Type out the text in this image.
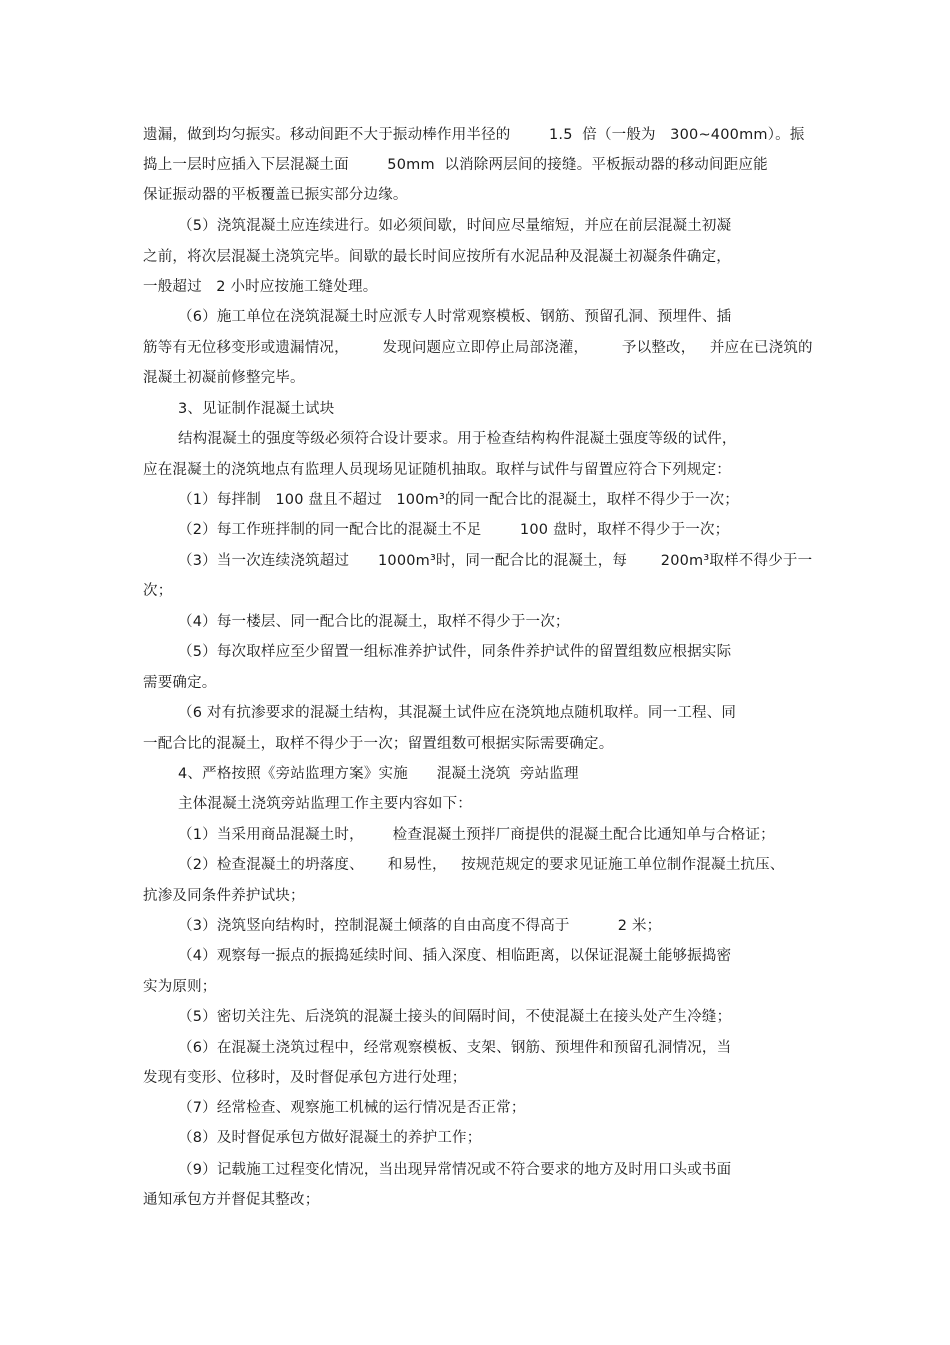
遗漏，做到均匀振实。移动间距不大于振动棒作用半径的        1.5  倍（一般为   300~400mm）。振
捣上一层时应插入下层混凝土面        50mm  以消除两层间的接缝。平板振动器的移动间距应能
保证振动器的平板覆盖已振实部分边缘。
（5）浇筑混凝土应连续进行。如必须间歇，时间应尽量缩短，并应在前层混凝土初凝
之前，将次层混凝土浇筑完毕。间歇的最长时间应按所有水泥品种及混凝土初凝条件确定，
一般超过   2 小时应按施工缝处理。
（6）施工单位在浇筑混凝土时应派专人时常观察模板、钢筋、预留孔洞、预埋件、插
筋等有无位移变形或遗漏情况，       发现问题应立即停止局部浇灌，       予以整改，   并应在已浇筑的
混凝土初凝前修整完毕。
3、见证制作混凝土试块
结构混凝土的强度等级必须符合设计要求。用于检查结构构件混凝土强度等级的试件，
应在混凝土的浇筑地点有监理人员现场见证随机抽取。取样与试件与留置应符合下列规定：
（1）每拌制   100 盘且不超过   100m³的同一配合比的混凝土，取样不得少于一次；
（2）每工作班拌制的同一配合比的混凝土不足        100 盘时，取样不得少于一次；
（3）当一次连续浇筑超过      1000m³时，同一配合比的混凝土，每       200m³取样不得少于一
次；
（4）每一楼层、同一配合比的混凝土，取样不得少于一次；
（5）每次取样应至少留置一组标准养护试件，同条件养护试件的留置组数应根据实际
需要确定。
（6 对有抗渗要求的混凝土结构，其混凝土试件应在浇筑地点随机取样。同一工程、同
一配合比的混凝土，取样不得少于一次；留置组数可根据实际需要确定。
4、严格按照《旁站监理方案》实施      混凝土浇筑  旁站监理
主体混凝土浇筑旁站监理工作主要内容如下：
（1）当采用商品混凝土时，      检查混凝土预拌厂商提供的混凝土配合比通知单与合格证；
（2）检查混凝土的坍落度、     和易性，   按规范规定的要求见证施工单位制作混凝土抗压、
抗渗及同条件养护试块；
（3）浇筑竖向结构时，控制混凝土倾落的自由高度不得高于          2 米；
（4）观察每一振点的振捣延续时间、插入深度、相临距离，以保证混凝土能够振捣密
实为原则；
（5）密切关注先、后浇筑的混凝土接头的间隔时间，不使混凝土在接头处产生冷缝；
（6）在混凝土浇筑过程中，经常观察模板、支架、钢筋、预埋件和预留孔洞情况，当
发现有变形、位移时，及时督促承包方进行处理；
（7）经常检查、观察施工机械的运行情况是否正常；
（8）及时督促承包方做好混凝土的养护工作；
（9）记载施工过程变化情况，当出现异常情况或不符合要求的地方及时用口头或书面
通知承包方并督促其整改；
